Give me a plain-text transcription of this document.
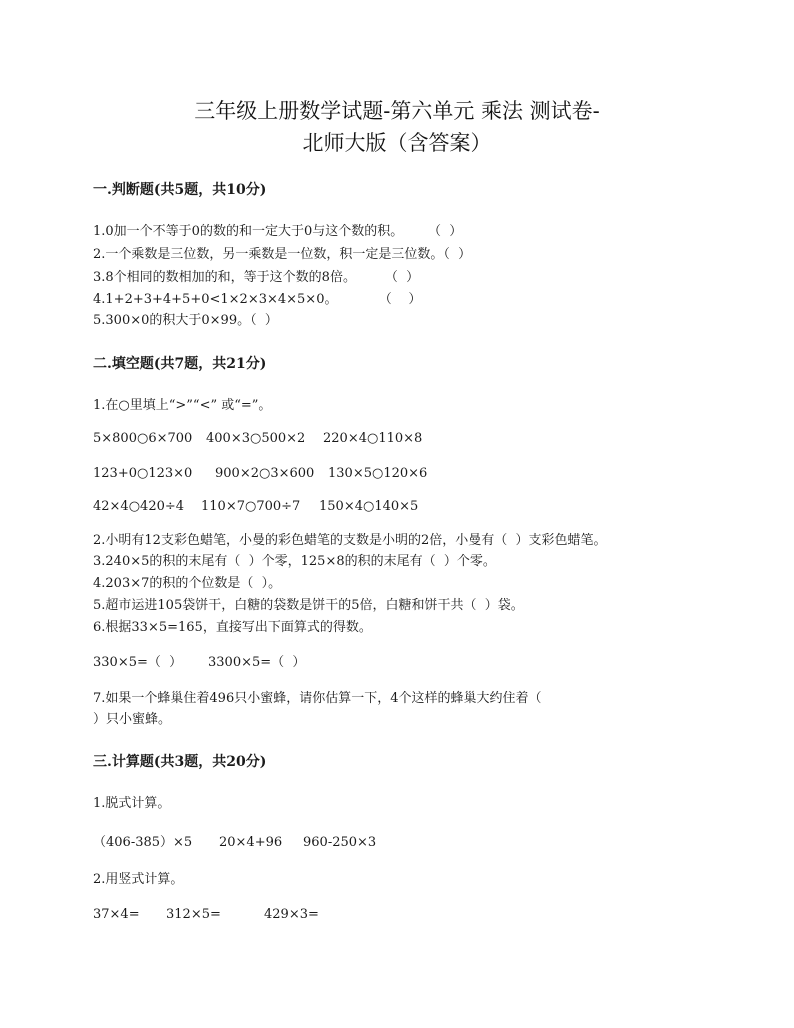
三年级上册数学试题-第六单元 乘法 测试卷-
北师大版（含答案）
一.判断题(共5题，共10分)
1.0加一个不等于0的数的和一定大于0与这个数的积。      （  ）
2.一个乘数是三位数，另一乘数是一位数，积一定是三位数。（  ）
3.8个相同的数相加的和，等于这个数的8倍。       （  ）
4.1+2+3+4+5+0<1×2×3×4×5×0。          （    ）
5.300×0的积大于0×99。（  ）
二.填空题(共7题，共21分)
1.在○里填上“>”“<” 或“=”。
5×800○6×700 400×3○500×2 220×4○110×8
123+0○123×0 900×2○3×600 130×5○120×6
42×4○420÷4 110×7○700÷7 150×4○140×5
2.小明有12支彩色蜡笔，小曼的彩色蜡笔的支数是小明的2倍，小曼有（  ）支彩色蜡笔。
3.240×5的积的末尾有（  ）个零，125×8的积的末尾有（  ）个零。
4.203×7的积的个位数是（  ）。
5.超市运进105袋饼干，白糖的袋数是饼干的5倍，白糖和饼干共（  ）袋。
6.根据33×5=165，直接写出下面算式的得数。
330×5=（  ） 3300×5=（  ）
7.如果一个蜂巢住着496只小蜜蜂，请你估算一下，4个这样的蜂巢大约住着（
）只小蜜蜂。
三.计算题(共3题，共20分)
1.脱式计算。
（406-385）×5 20×4+96 960-250×3
2.用竖式计算。
37×4= 312×5=	429×3=
